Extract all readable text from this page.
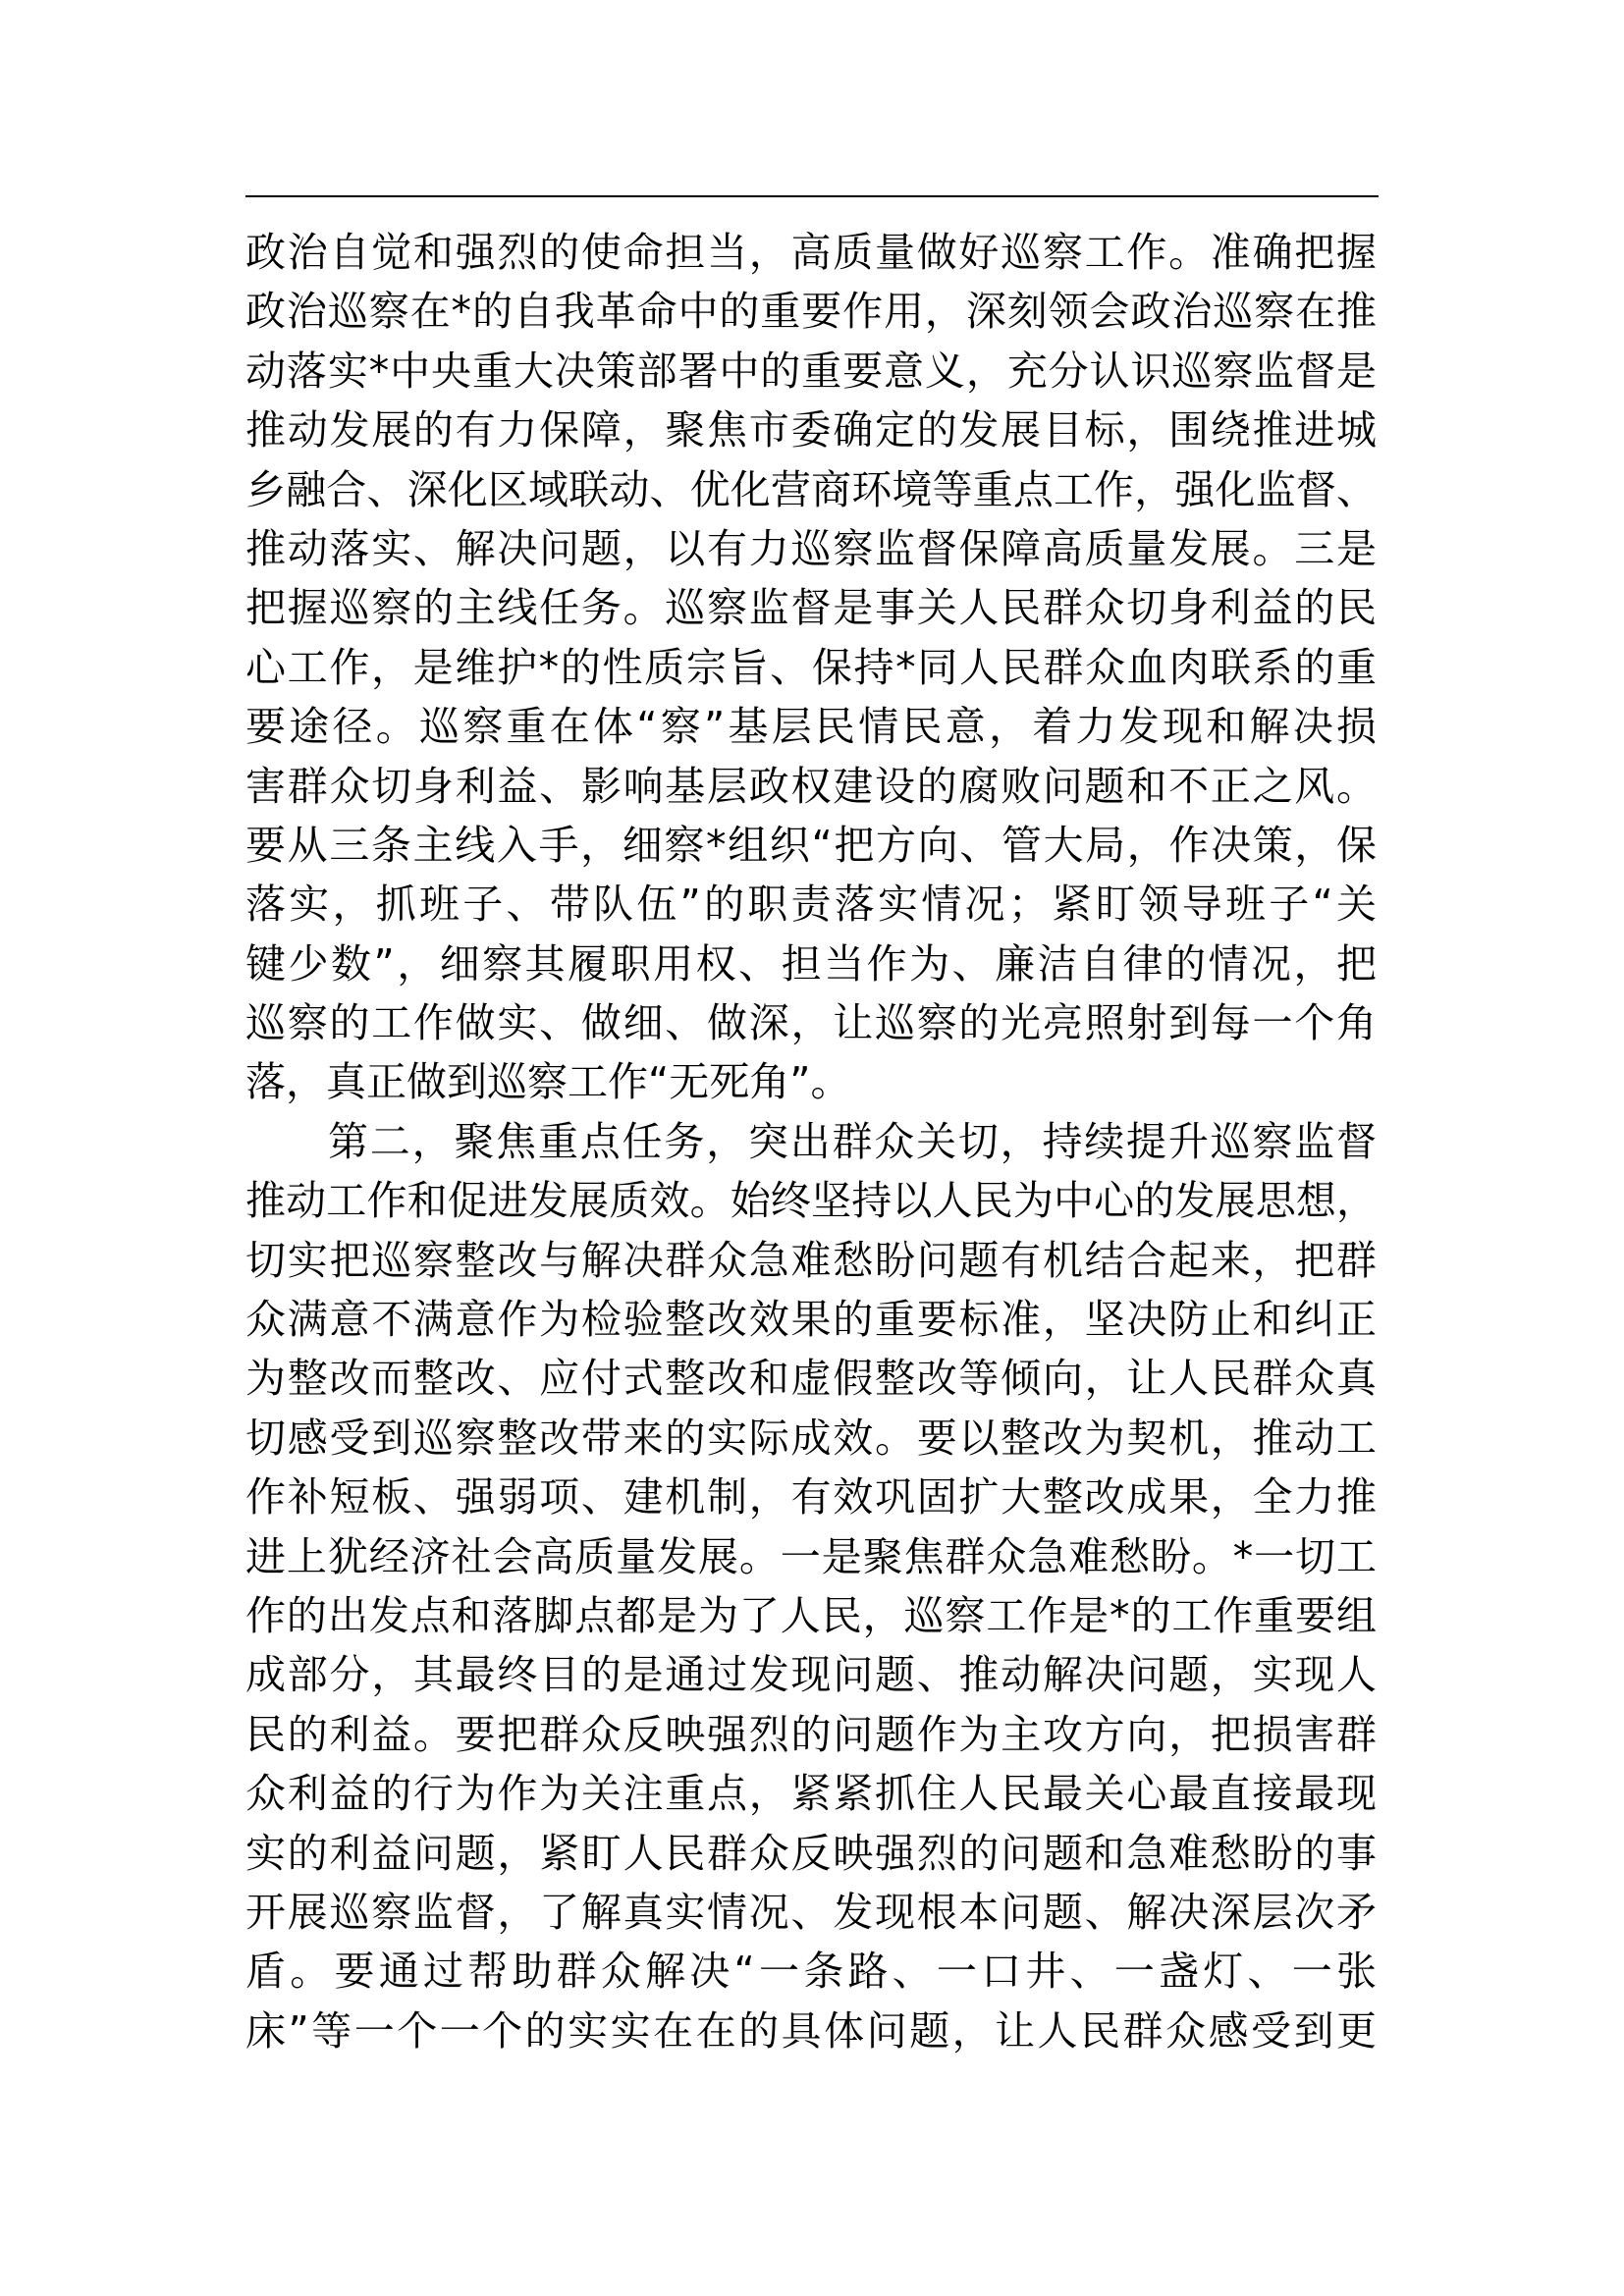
政治自觉和强烈的使命担当，高质量做好巡察工作。准确把握
政治巡察在*的自我革命中的重要作用，深刻领会政治巡察在推
动落实*中央重大决策部署中的重要意义，充分认识巡察监督是
推动发展的有力保障，聚焦市委确定的发展目标，围绕推进城
乡融合、深化区域联动、优化营商环境等重点工作，强化监督、
推动落实、解决问题，以有力巡察监督保障高质量发展。三是
把握巡察的主线任务。巡察监督是事关人民群众切身利益的民
心工作，是维护*的性质宗旨、保持*同人民群众血肉联系的重
要途径。巡察重在体“察”基层民情民意，着力发现和解决损
害群众切身利益、影响基层政权建设的腐败问题和不正之风。
要从三条主线入手，细察*组织“把方向、管大局，作决策，保
落实，抓班子、带队伍”的职责落实情况；紧盯领导班子“关
键少数”，细察其履职用权、担当作为、廉洁自律的情况，把
巡察的工作做实、做细、做深，让巡察的光亮照射到每一个角
落，真正做到巡察工作“无死角”。
第二，聚焦重点任务，突出群众关切，持续提升巡察监督
推动工作和促进发展质效。始终坚持以人民为中心的发展思想，
切实把巡察整改与解决群众急难愁盼问题有机结合起来，把群
众满意不满意作为检验整改效果的重要标准，坚决防止和纠正
为整改而整改、应付式整改和虚假整改等倾向，让人民群众真
切感受到巡察整改带来的实际成效。要以整改为契机，推动工
作补短板、强弱项、建机制，有效巩固扩大整改成果，全力推
进上犹经济社会高质量发展。一是聚焦群众急难愁盼。*一切工
作的出发点和落脚点都是为了人民，巡察工作是*的工作重要组
成部分，其最终目的是通过发现问题、推动解决问题，实现人
民的利益。要把群众反映强烈的问题作为主攻方向，把损害群
众利益的行为作为关注重点，紧紧抓住人民最关心最直接最现
实的利益问题，紧盯人民群众反映强烈的问题和急难愁盼的事
开展巡察监督，了解真实情况、发现根本问题、解决深层次矛
盾。要通过帮助群众解决“一条路、一口井、一盏灯、一张
床”等一个一个的实实在在的具体问题，让人民群众感受到更
